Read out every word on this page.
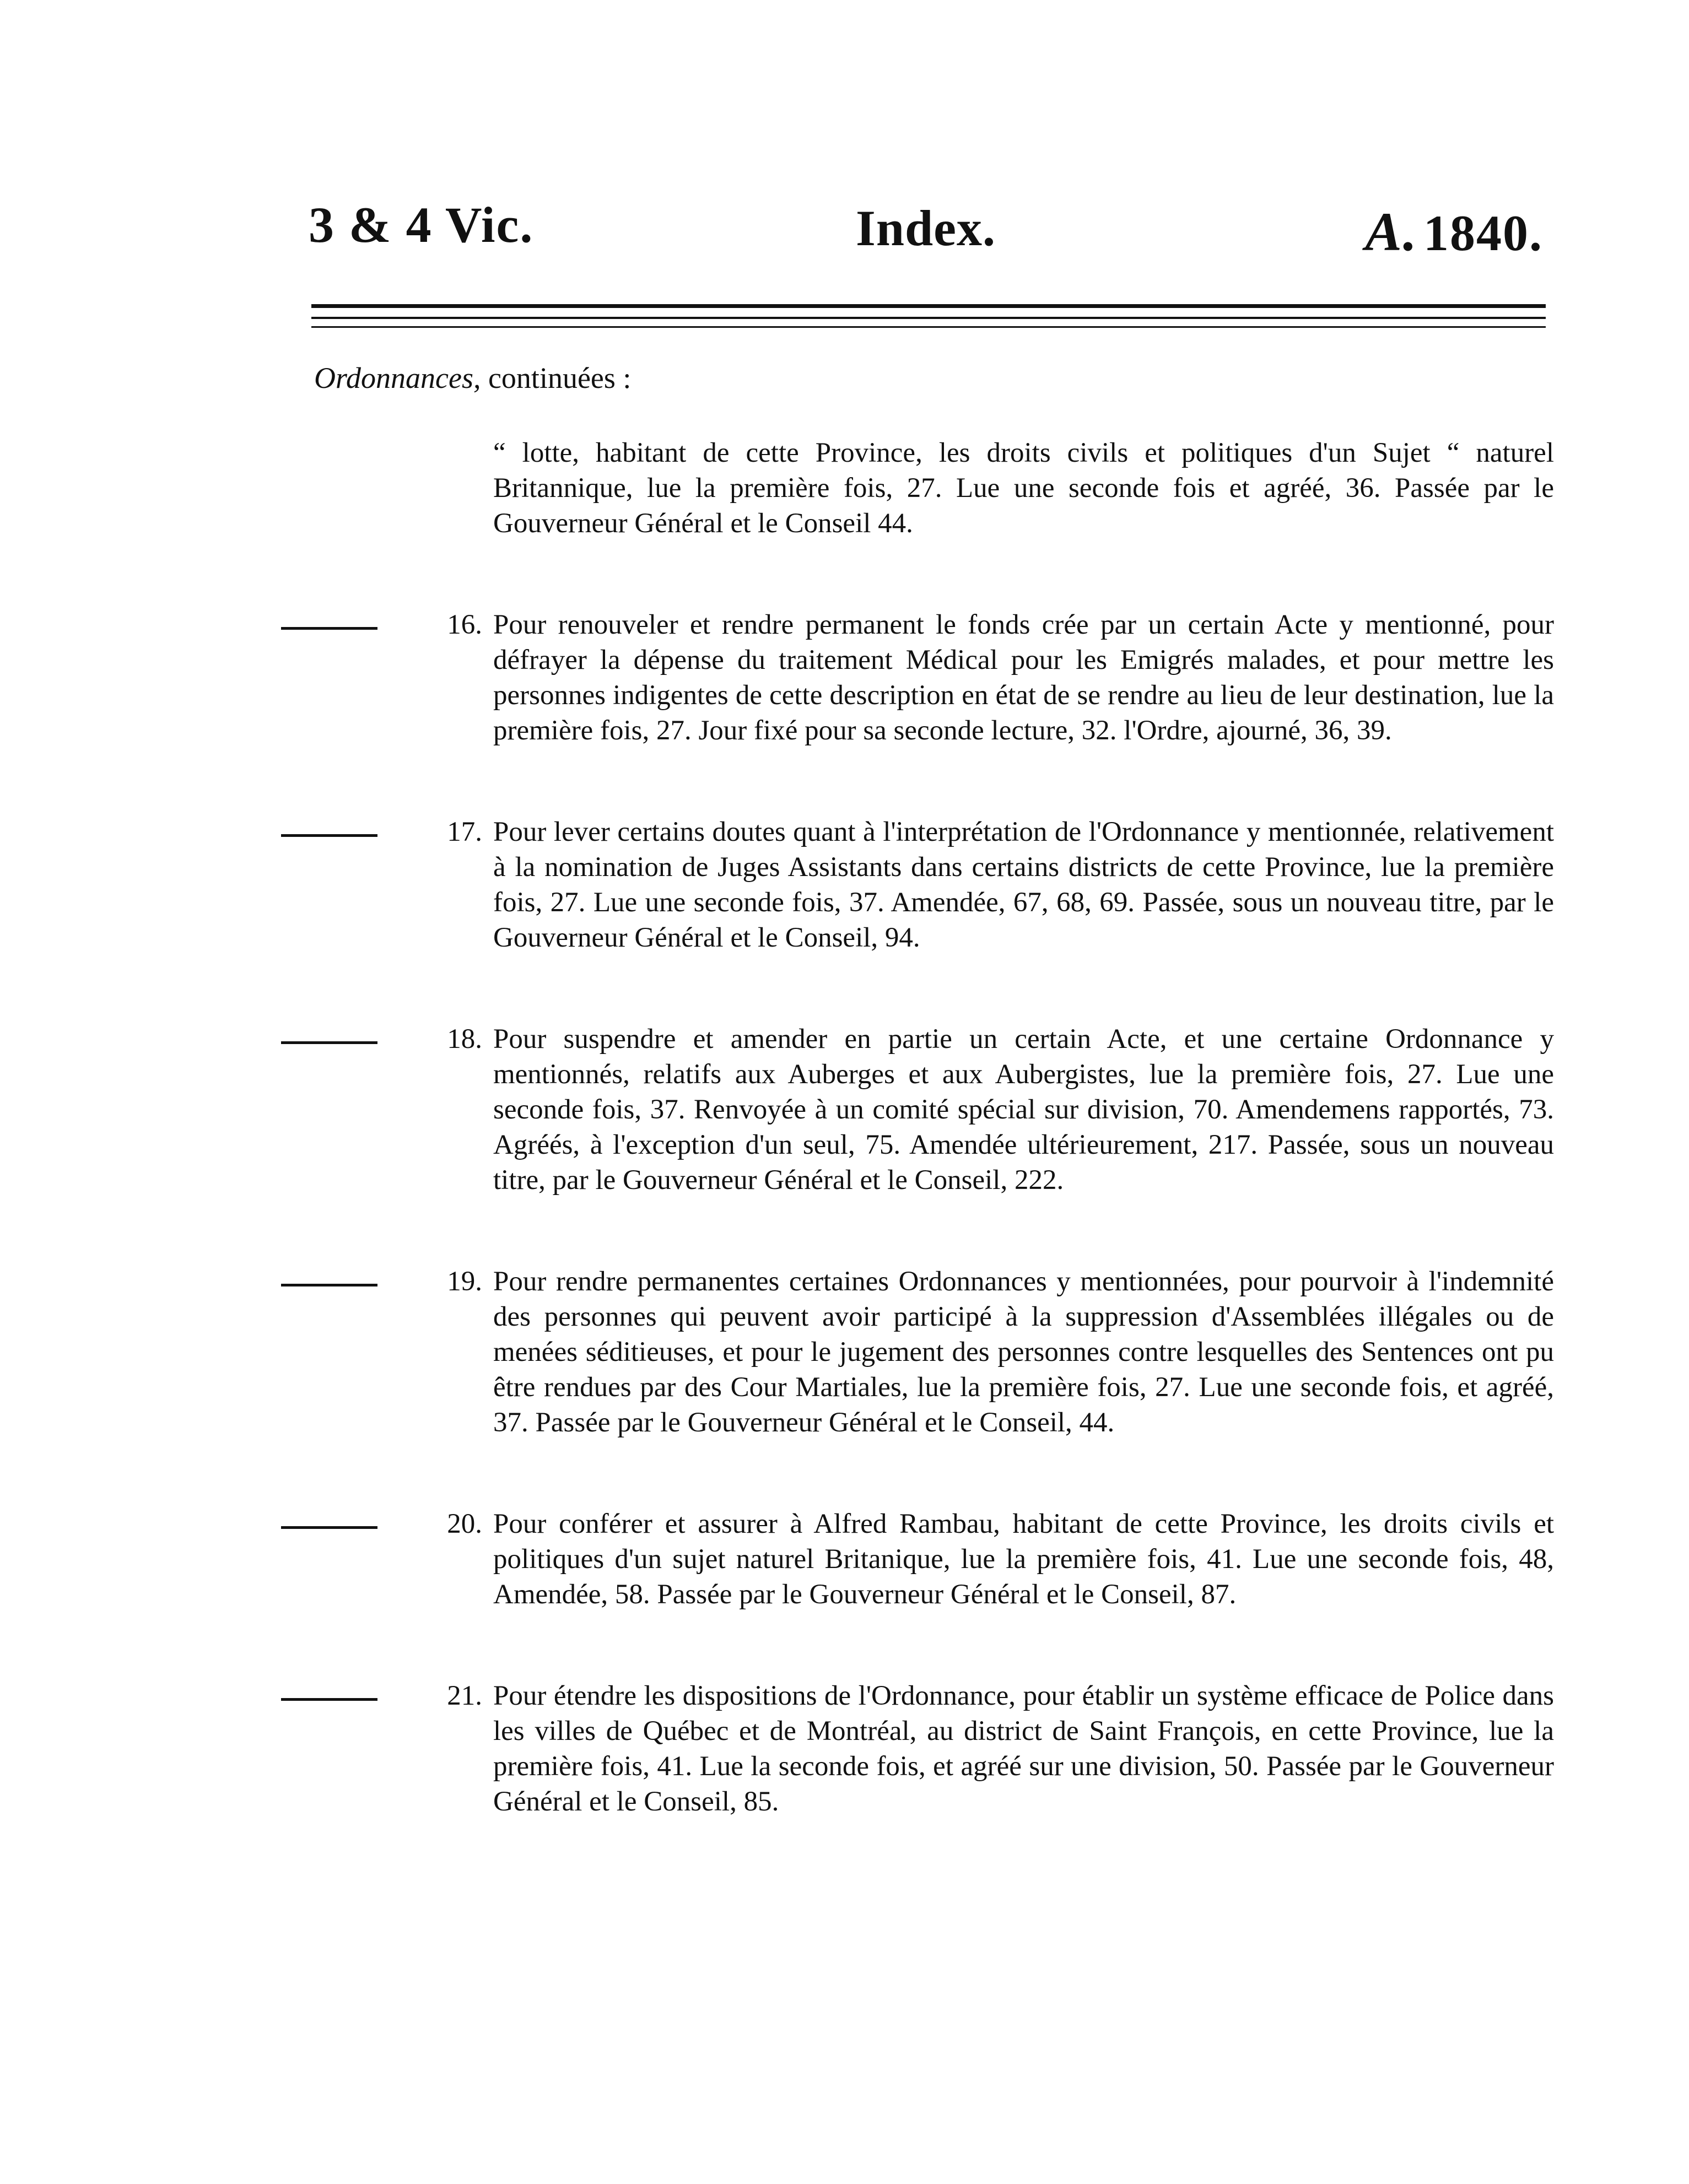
3 & 4 Vic.	Index.	A. 1840.
Ordonnances, continuées :
“ lotte, habitant de cette Province, les droits civils et politiques d'un Sujet “ naturel Britannique, lue la première fois, 27. Lue une seconde fois et agréé, 36. Passée par le Gouverneur Général et le Conseil 44.
16. Pour renouveler et rendre permanent le fonds crée par un certain Acte y mentionné, pour défrayer la dépense du traitement Médical pour les Emigrés malades, et pour mettre les personnes indigentes de cette description en état de se rendre au lieu de leur destination, lue la première fois, 27. Jour fixé pour sa seconde lecture, 32. l'Ordre, ajourné, 36, 39.
17. Pour lever certains doutes quant à l'interprétation de l'Ordonnance y mentionnée, relativement à la nomination de Juges Assistants dans certains districts de cette Province, lue la première fois, 27. Lue une seconde fois, 37. Amendée, 67, 68, 69. Passée, sous un nouveau titre, par le Gouverneur Général et le Conseil, 94.
18. Pour suspendre et amender en partie un certain Acte, et une certaine Ordonnance y mentionnés, relatifs aux Auberges et aux Aubergistes, lue la première fois, 27. Lue une seconde fois, 37. Renvoyée à un comité spécial sur division, 70. Amendemens rapportés, 73. Agréés, à l'exception d'un seul, 75. Amendée ultérieurement, 217. Passée, sous un nouveau titre, par le Gouverneur Général et le Conseil, 222.
19. Pour rendre permanentes certaines Ordonnances y mentionnées, pour pourvoir à l'indemnité des personnes qui peuvent avoir participé à la suppression d'Assemblées illégales ou de menées séditieuses, et pour le jugement des personnes contre lesquelles des Sentences ont pu être rendues par des Cour Martiales, lue la première fois, 27. Lue une seconde fois, et agréé, 37. Passée par le Gouverneur Général et le Conseil, 44.
20. Pour conférer et assurer à Alfred Rambau, habitant de cette Province, les droits civils et politiques d'un sujet naturel Britanique, lue la première fois, 41. Lue une seconde fois, 48, Amendée, 58. Passée par le Gouverneur Général et le Conseil, 87.
21. Pour étendre les dispositions de l'Ordonnance, pour établir un système efficace de Police dans les villes de Québec et de Montréal, au district de Saint François, en cette Province, lue la première fois, 41. Lue la seconde fois, et agréé sur une division, 50. Passée par le Gouverneur Général et le Conseil, 85.
